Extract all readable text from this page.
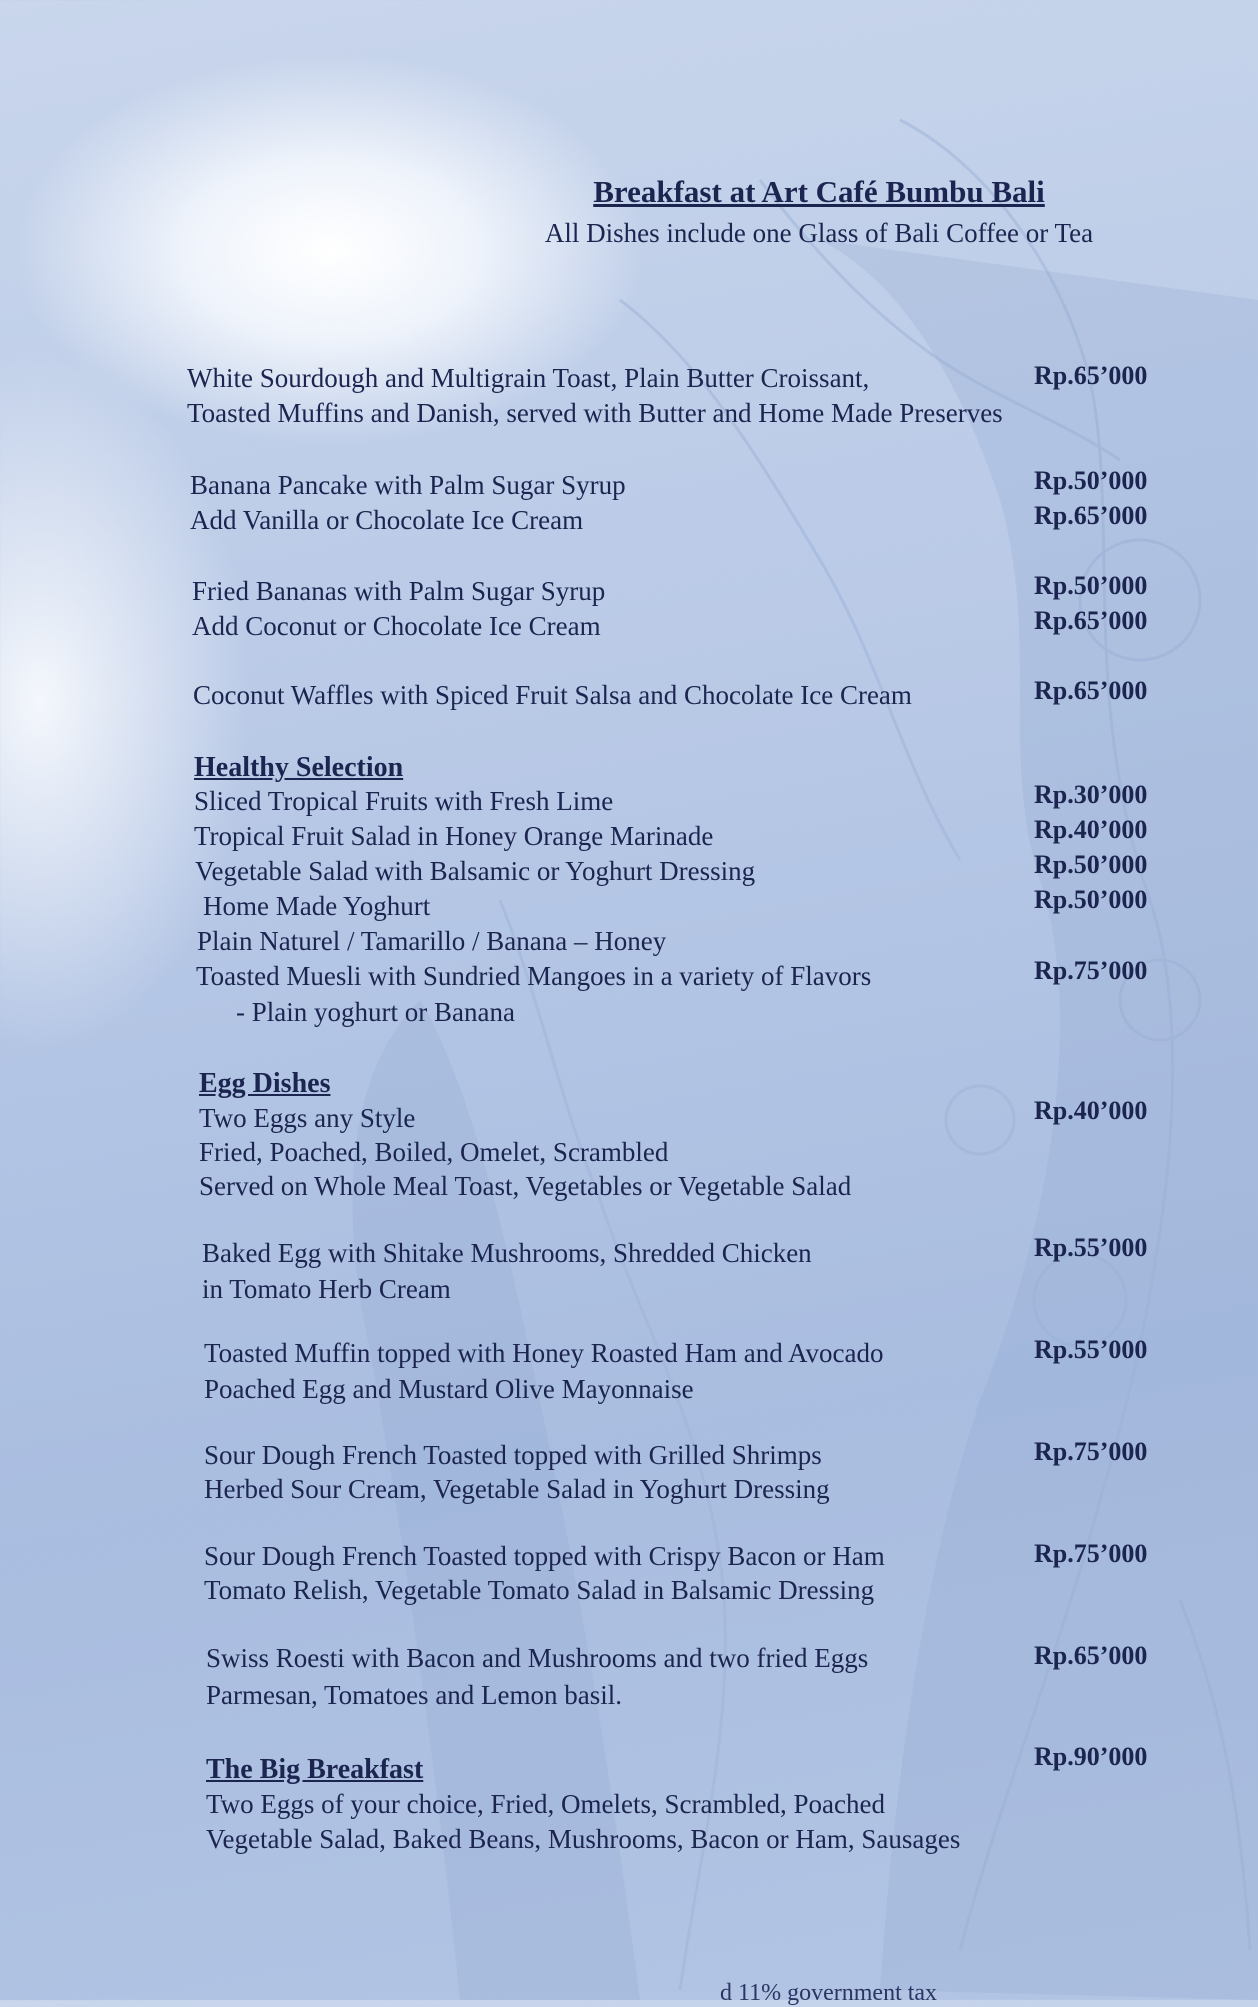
Breakfast at Art Café Bumbu Bali
All Dishes include one Glass of Bali Coffee or Tea
White Sourdough and Multigrain Toast, Plain Butter Croissant,
Toasted Muffins and Danish, served with Butter and Home Made Preserves
Rp.65’000
Banana Pancake with Palm Sugar Syrup
Add Vanilla or Chocolate Ice Cream
Rp.50’000
Rp.65’000
Fried Bananas with Palm Sugar Syrup
Add Coconut or Chocolate Ice Cream
Rp.50’000
Rp.65’000
Coconut Waffles with Spiced Fruit Salsa and Chocolate Ice Cream	Rp.65’000
Healthy Selection
Sliced Tropical Fruits with Fresh Lime
Tropical Fruit Salad in Honey Orange Marinade
Vegetable Salad with Balsamic or Yoghurt Dressing
Home Made Yoghurt
Plain Naturel / Tamarillo / Banana – Honey
Toasted Muesli with Sundried Mangoes in a variety of Flavors
- Plain yoghurt or Banana
Rp.30’000
Rp.40’000
Rp.50’000
Rp.50’000
Rp.75’000
Egg Dishes
Two Eggs any Style
Fried, Poached, Boiled, Omelet, Scrambled
Served on Whole Meal Toast, Vegetables or Vegetable Salad
Rp.40’000
Baked Egg with Shitake Mushrooms, Shredded Chicken
in Tomato Herb Cream
Rp.55’000
Toasted Muffin topped with Honey Roasted Ham and Avocado
Poached Egg and Mustard Olive Mayonnaise
Rp.55’000
Sour Dough French Toasted topped with Grilled Shrimps
Herbed Sour Cream, Vegetable Salad in Yoghurt Dressing
Rp.75’000
Sour Dough French Toasted topped with Crispy Bacon or Ham
Tomato Relish, Vegetable Tomato Salad in Balsamic Dressing
Rp.75’000
Swiss Roesti with Bacon and Mushrooms and two fried Eggs
Parmesan, Tomatoes and Lemon basil.
Rp.65’000
The Big Breakfast
Two Eggs of your choice, Fried, Omelets, Scrambled, Poached
Vegetable Salad, Baked Beans, Mushrooms, Bacon or Ham, Sausages
Rp.90’000
d 11% government tax
